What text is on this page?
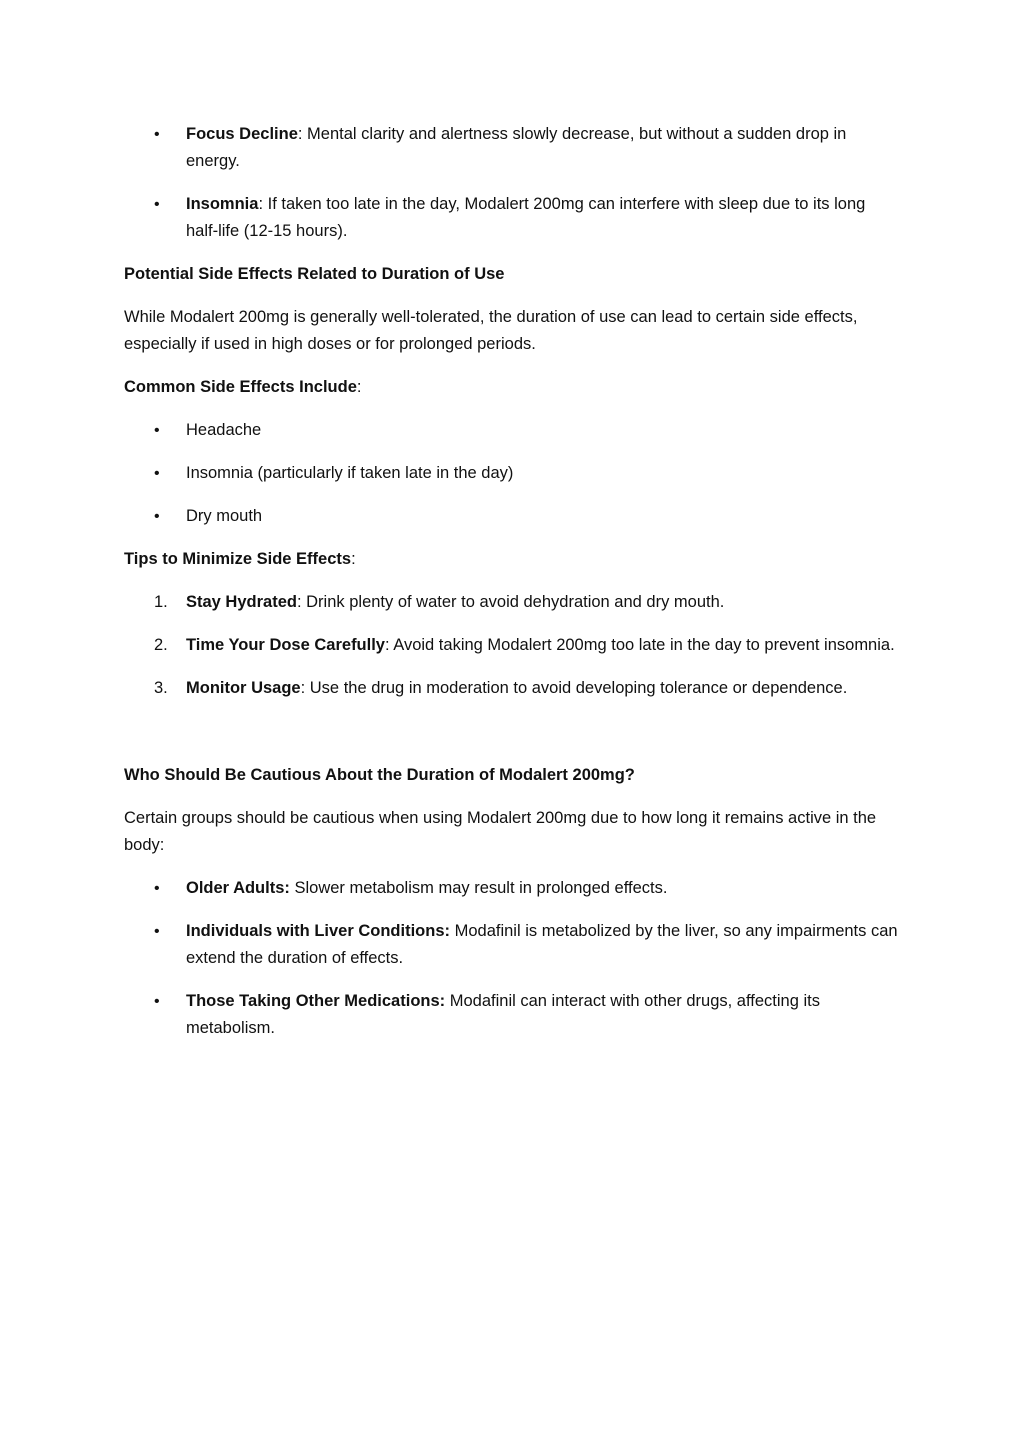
• Focus Decline: Mental clarity and alertness slowly decrease, but without a sudden drop in energy.
• Insomnia: If taken too late in the day, Modalert 200mg can interfere with sleep due to its long half-life (12-15 hours).

Potential Side Effects Related to Duration of Use

While Modalert 200mg is generally well-tolerated, the duration of use can lead to certain side effects, especially if used in high doses or for prolonged periods.

Common Side Effects Include:

• Headache
• Insomnia (particularly if taken late in the day)
• Dry mouth

Tips to Minimize Side Effects:

1. Stay Hydrated: Drink plenty of water to avoid dehydration and dry mouth.
2. Time Your Dose Carefully: Avoid taking Modalert 200mg too late in the day to prevent insomnia.
3. Monitor Usage: Use the drug in moderation to avoid developing tolerance or dependence.

Who Should Be Cautious About the Duration of Modalert 200mg?

Certain groups should be cautious when using Modalert 200mg due to how long it remains active in the body:

• Older Adults: Slower metabolism may result in prolonged effects.
• Individuals with Liver Conditions: Modafinil is metabolized by the liver, so any impairments can extend the duration of effects.
• Those Taking Other Medications: Modafinil can interact with other drugs, affecting its metabolism.
